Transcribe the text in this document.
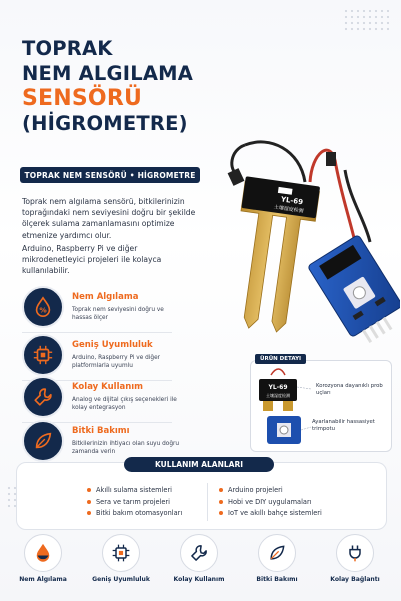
TOPRAK
NEM ALGILAMA
SENSÖRÜ
(HİGROMETRE)
TOPRAK NEM SENSÖRÜ • HİGROMETRE

Toprak nem algılama sensörü, bitkilerinizin toprağındaki nem seviyesini doğru bir şekilde ölçerek sulama zamanlamasını optimize etmenize yardımcı olur.

Arduino, Raspberry Pi ve diğer mikrodenetleyici projeleri ile kolayca kullanılabilir.

%
Nem Algılama
Toprak nem seviyesini doğru ve hassas ölçer
Geniş Uyumluluk
Arduino, Raspberry Pi ve diğer platformlarla uyumlu
Kolay Kullanım
Analog ve dijital çıkış seçenekleri ile kolay entegrasyon
Bitki Bakımı
Bitkilerinizin ihtiyacı olan suyu doğru zamanda verin
YL-69
土壤湿度检测
YL-69
土壤湿度检测
ÜRÜN DETAYI
Korozyona dayanıklı prob uçları
Ayarlanabilir hassasiyet trimpotu
Akıllı sulama sistemleri
Sera ve tarım projeleri
Bitki bakım otomasyonları
Arduino projeleri
Hobi ve DIY uygulamaları
IoT ve akıllı bahçe sistemleri
KULLANIM ALANLARI
Nem Algılama	Geniş Uyumluluk	Kolay Kullanım	Bitki Bakımı	Kolay Bağlantı
